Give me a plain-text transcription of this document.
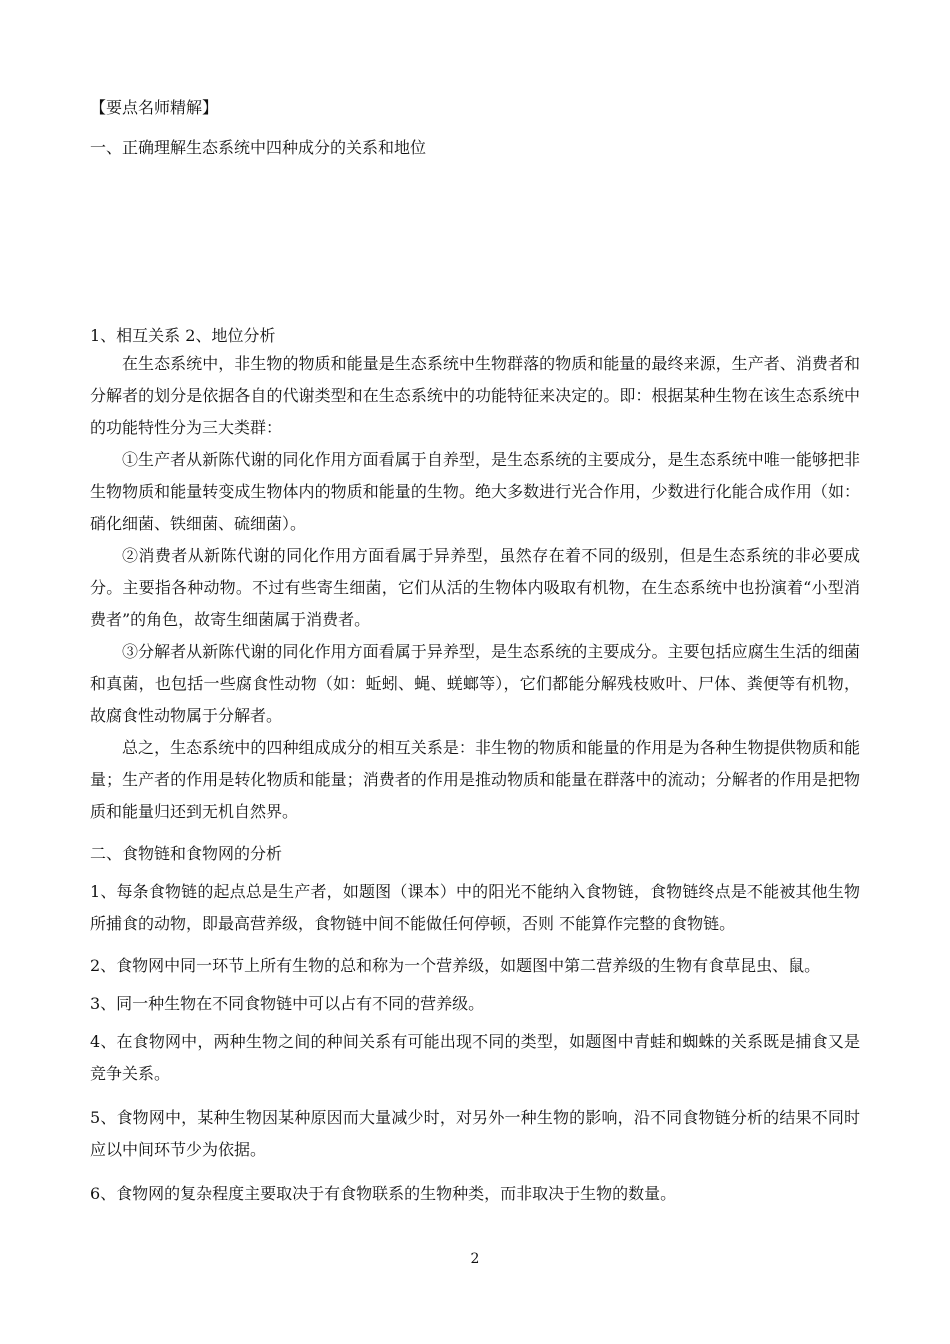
【要点名师精解】
一、正确理解生态系统中四种成分的关系和地位
1、相互关系 2、地位分析
在生态系统中，非生物的物质和能量是生态系统中生物群落的物质和能量的最终来源，生产者、消费者和分解者的划分是依据各自的代谢类型和在生态系统中的功能特征来决定的。即：根据某种生物在该生态系统中的功能特性分为三大类群：
①生产者从新陈代谢的同化作用方面看属于自养型，是生态系统的主要成分，是生态系统中唯一能够把非生物物质和能量转变成生物体内的物质和能量的生物。绝大多数进行光合作用，少数进行化能合成作用（如：硝化细菌、铁细菌、硫细菌）。
②消费者从新陈代谢的同化作用方面看属于异养型，虽然存在着不同的级别，但是生态系统的非必要成分。主要指各种动物。不过有些寄生细菌，它们从活的生物体内吸取有机物，在生态系统中也扮演着“小型消费者”的角色，故寄生细菌属于消费者。
③分解者从新陈代谢的同化作用方面看属于异养型，是生态系统的主要成分。主要包括应腐生生活的细菌和真菌，也包括一些腐食性动物（如：蚯蚓、蝇、蜣螂等），它们都能分解残枝败叶、尸体、粪便等有机物，故腐食性动物属于分解者。
总之，生态系统中的四种组成成分的相互关系是：非生物的物质和能量的作用是为各种生物提供物质和能量；生产者的作用是转化物质和能量；消费者的作用是推动物质和能量在群落中的流动；分解者的作用是把物质和能量归还到无机自然界。
二、食物链和食物网的分析
1、每条食物链的起点总是生产者，如题图（课本）中的阳光不能纳入食物链，食物链终点是不能被其他生物所捕食的动物，即最高营养级，食物链中间不能做任何停顿，否则 不能算作完整的食物链。
2、食物网中同一环节上所有生物的总和称为一个营养级，如题图中第二营养级的生物有食草昆虫、鼠。
3、同一种生物在不同食物链中可以占有不同的营养级。
4、在食物网中，两种生物之间的种间关系有可能出现不同的类型，如题图中青蛙和蜘蛛的关系既是捕食又是竞争关系。
5、食物网中，某种生物因某种原因而大量减少时，对另外一种生物的影响，沿不同食物链分析的结果不同时应以中间环节少为依据。
6、食物网的复杂程度主要取决于有食物联系的生物种类，而非取决于生物的数量。
2
